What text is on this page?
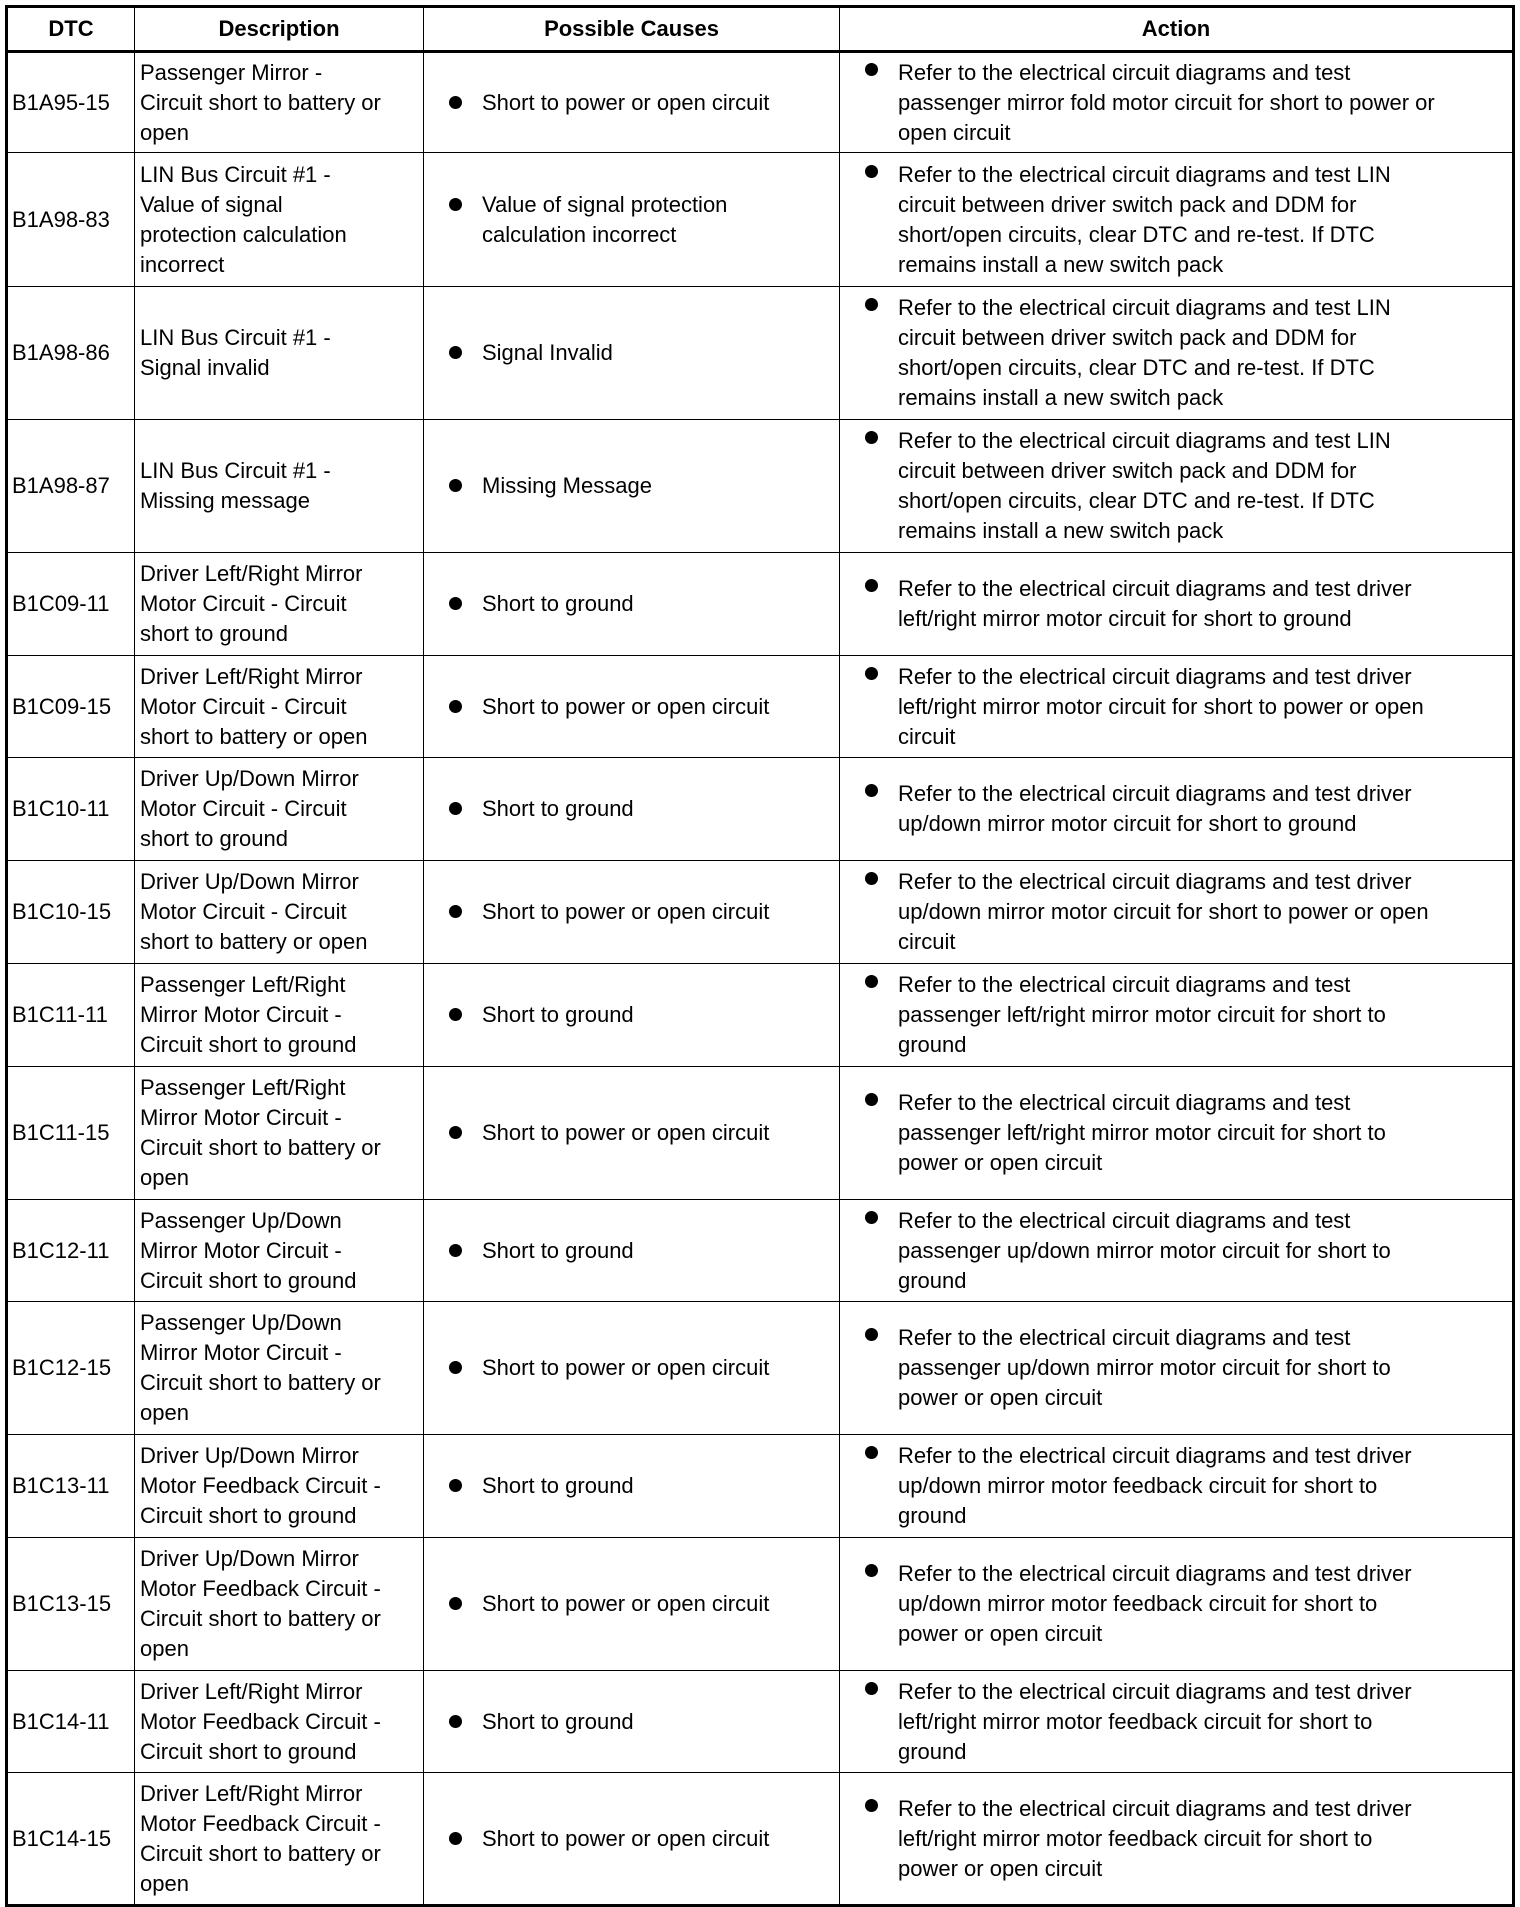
DTC	Description	Possible Causes	Action
B1A95-15	Passenger Mirror -
Circuit short to battery or
open	Short to power or open circuit	Refer to the electrical circuit diagrams and test
passenger mirror fold motor circuit for short to power or
open circuit

B1A98-83	LIN Bus Circuit #1 -
Value of signal
protection calculation
incorrect	Value of signal protection
calculation incorrect	Refer to the electrical circuit diagrams and test LIN
circuit between driver switch pack and DDM for
short/open circuits, clear DTC and re-test. If DTC
remains install a new switch pack

B1A98-86	LIN Bus Circuit #1 -
Signal invalid	Signal Invalid	Refer to the electrical circuit diagrams and test LIN
circuit between driver switch pack and DDM for
short/open circuits, clear DTC and re-test. If DTC
remains install a new switch pack

B1A98-87	LIN Bus Circuit #1 -
Missing message	Missing Message	Refer to the electrical circuit diagrams and test LIN
circuit between driver switch pack and DDM for
short/open circuits, clear DTC and re-test. If DTC
remains install a new switch pack

B1C09-11	Driver Left/Right Mirror
Motor Circuit - Circuit
short to ground	Short to ground	Refer to the electrical circuit diagrams and test driver
left/right mirror motor circuit for short to ground

B1C09-15	Driver Left/Right Mirror
Motor Circuit - Circuit
short to battery or open	Short to power or open circuit	Refer to the electrical circuit diagrams and test driver
left/right mirror motor circuit for short to power or open
circuit

B1C10-11	Driver Up/Down Mirror
Motor Circuit - Circuit
short to ground	Short to ground	Refer to the electrical circuit diagrams and test driver
up/down mirror motor circuit for short to ground

B1C10-15	Driver Up/Down Mirror
Motor Circuit - Circuit
short to battery or open	Short to power or open circuit	Refer to the electrical circuit diagrams and test driver
up/down mirror motor circuit for short to power or open
circuit

B1C11-11	Passenger Left/Right
Mirror Motor Circuit -
Circuit short to ground	Short to ground	Refer to the electrical circuit diagrams and test
passenger left/right mirror motor circuit for short to
ground

B1C11-15	Passenger Left/Right
Mirror Motor Circuit -
Circuit short to battery or
open	Short to power or open circuit	Refer to the electrical circuit diagrams and test
passenger left/right mirror motor circuit for short to
power or open circuit

B1C12-11	Passenger Up/Down
Mirror Motor Circuit -
Circuit short to ground	Short to ground	Refer to the electrical circuit diagrams and test
passenger up/down mirror motor circuit for short to
ground

B1C12-15	Passenger Up/Down
Mirror Motor Circuit -
Circuit short to battery or
open	Short to power or open circuit	Refer to the electrical circuit diagrams and test
passenger up/down mirror motor circuit for short to
power or open circuit

B1C13-11	Driver Up/Down Mirror
Motor Feedback Circuit -
Circuit short to ground	Short to ground	Refer to the electrical circuit diagrams and test driver
up/down mirror motor feedback circuit for short to
ground

B1C13-15	Driver Up/Down Mirror
Motor Feedback Circuit -
Circuit short to battery or
open	Short to power or open circuit	Refer to the electrical circuit diagrams and test driver
up/down mirror motor feedback circuit for short to
power or open circuit

B1C14-11	Driver Left/Right Mirror
Motor Feedback Circuit -
Circuit short to ground	Short to ground	Refer to the electrical circuit diagrams and test driver
left/right mirror motor feedback circuit for short to
ground

B1C14-15	Driver Left/Right Mirror
Motor Feedback Circuit -
Circuit short to battery or
open	Short to power or open circuit	Refer to the electrical circuit diagrams and test driver
left/right mirror motor feedback circuit for short to
power or open circuit
